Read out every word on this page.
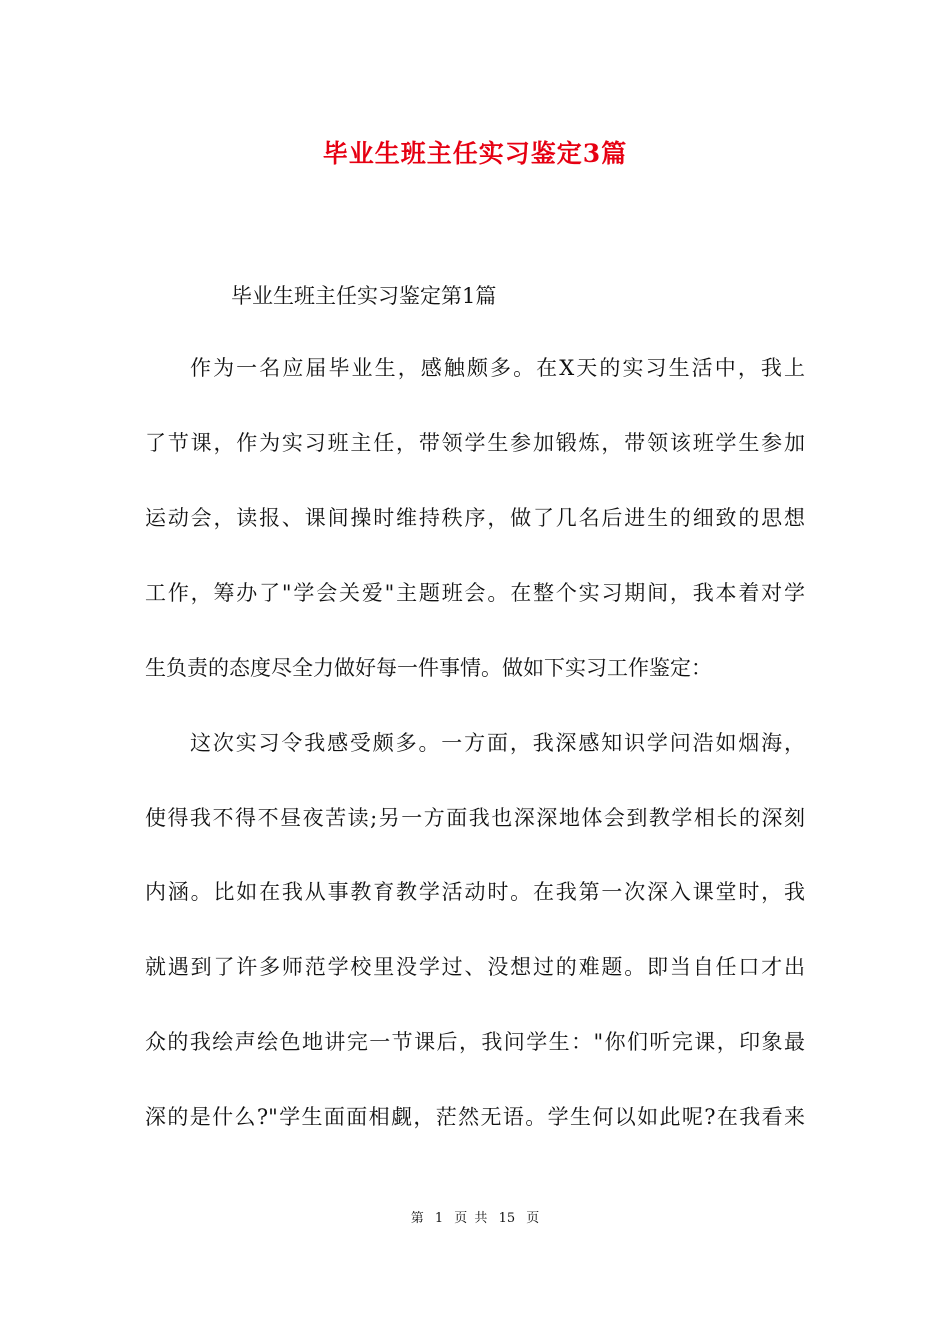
毕业生班主任实习鉴定3篇
毕业生班主任实习鉴定第1篇

作为一名应届毕业生，感触颇多。在X天的实习生活中，我上

了节课，作为实习班主任，带领学生参加锻炼，带领该班学生参加

运动会，读报、课间操时维持秩序，做了几名后进生的细致的思想

工作，筹办了"学会关爱"主题班会。在整个实习期间，我本着对学

生负责的态度尽全力做好每一件事情。做如下实习工作鉴定：

这次实习令我感受颇多。一方面，我深感知识学问浩如烟海，

使得我不得不昼夜苦读;另一方面我也深深地体会到教学相长的深刻

内涵。比如在我从事教育教学活动时。在我第一次深入课堂时，我

就遇到了许多师范学校里没学过、没想过的难题。即当自任口才出

众的我绘声绘色地讲完一节课后，我问学生："你们听完课，印象最

深的是什么?"学生面面相觑，茫然无语。学生何以如此呢?在我看来

第 1 页 共 15 页
